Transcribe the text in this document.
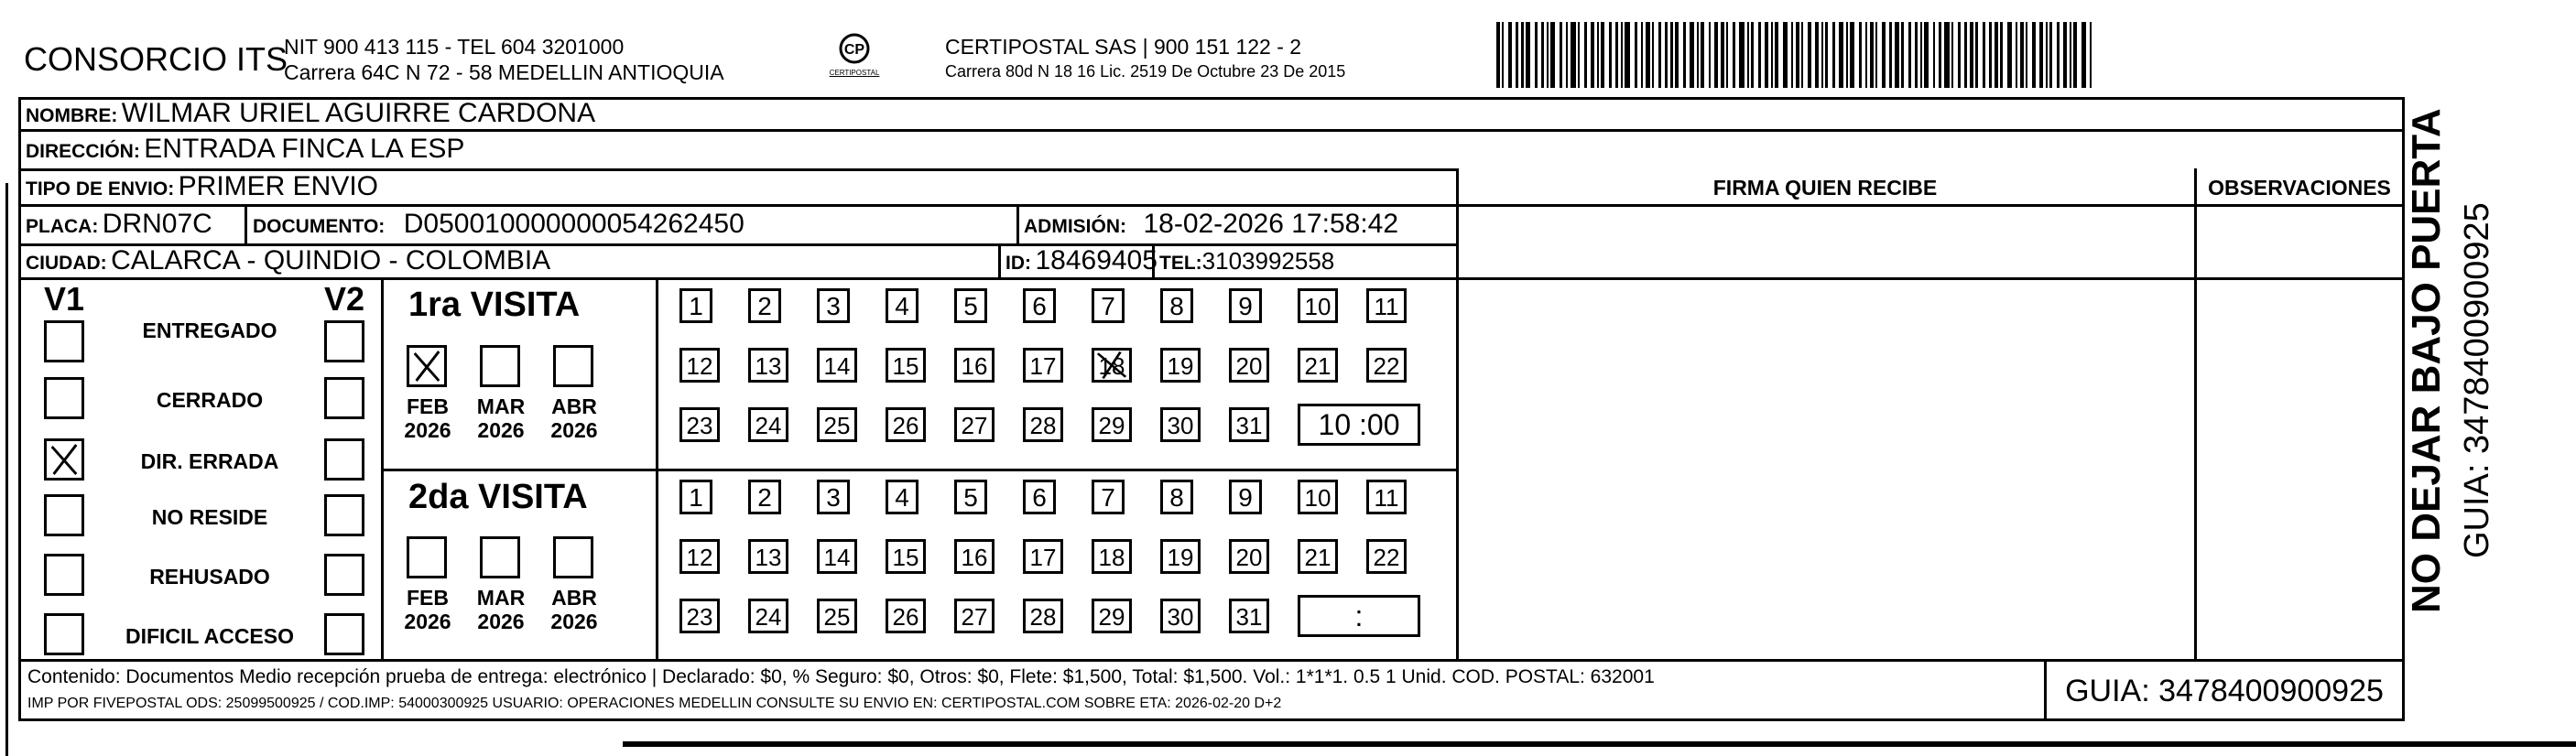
CONSORCIO ITS
NIT 900 413 115 - TEL 604 3201000
Carrera 64C N 72 - 58 MEDELLIN ANTIOQUIA
CP
CERTIPOSTAL
CERTIPOSTAL SAS | 900 151 122 - 2
Carrera 80d N 18 16 Lic. 2519 De Octubre 23 De 2015
NOMBRE: WILMAR URIEL AGUIRRE CARDONA
DIRECCIÓN: ENTRADA FINCA LA ESP
TIPO DE ENVIO: PRIMER ENVIO	FIRMA QUIEN RECIBE	OBSERVACIONES
PLACA: DRN07C DOCUMENTO: D050010000000054262450	ADMISIÓN: 18-02-2026 17:58:42
CIUDAD: CALARCA - QUINDIO - COLOMBIA	ID: 18469405 TEL:3103992558
V1	V2 1ra VISITA
2da VISITA
Contenido: Documentos Medio recepción prueba de entrega: electrónico | Declarado: $0, % Seguro: $0, Otros: $0, Flete: $1,500, Total: $1,500. Vol.: 1*1*1. 0.5 1 Unid. COD. POSTAL: 632001
IMP POR FIVEPOSTAL ODS: 25099500925 / COD.IMP: 54000300925 USUARIO: OPERACIONES MEDELLIN CONSULTE SU ENVIO EN: CERTIPOSTAL.COM SOBRE ETA: 2026-02-20 D+2	GUIA: 3478400900925
NO DEJAR BAJO PUERTA GUIA: 3478400900925
ENTREGADO
CERRADO
DIR. ERRADA
NO RESIDE
REHUSADO
DIFICIL ACCESO
FEB
2026
MAR
2026
ABR
2026
1	2	3	4	5	6	7	8	9	10	11
12 13 14 15 16 17 18 19 20 21 22
23 24 25 26 27 28 29 30 31	10 :00
FEB
2026
MAR
2026
ABR
2026
1	2	3	4	5	6	7	8	9	10	11
12 13 14 15 16 17 18 19 20 21 22
23 24 25 26 27 28 29 30 31	:
